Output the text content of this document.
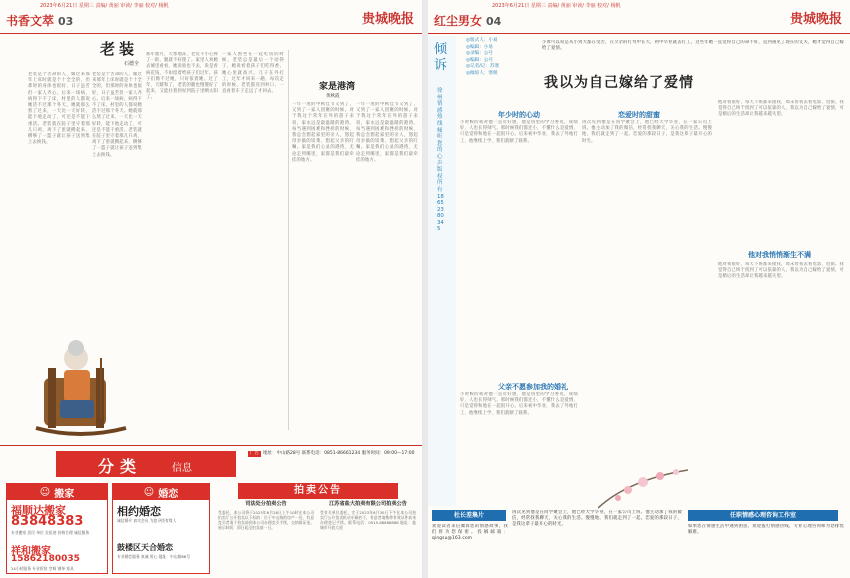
2023年6月21日 星期三 责编/ 黄丽 审读/ 李丽 校对/ 杨帆
书香文萃 03	贵城晚报
老装
石德全
老装是个苦命的人，嫁过来那年上床时就是个十全全的，但那时的身体也很好，日子虽苦但一家人齐心。后来一场病，病得下不了床，村里的人都说她活不过那个冬天。她就那么熬了过来，一天比一天好转，能下地走动了，可还是不能干重活。老装就在院子里守着那几只鸡，鸡下了蛋就攒起来，攒够了一篮子就让孩子送到集上去换钱。
老装是个苦命的人，嫁过来那年上床时就是个十全全的，但那时的身体也很好，日子虽苦但一家人齐心。后来一场病，病得下不了床，村里的人都说她活不过那个冬天。她就那么熬了过来，一天比一天好转，能下地走动了，可还是不能干重活。老装就在院子里守着那几只鸡，鸡下了蛋就攒起来，攒够了一篮子就让孩子送到集上去换钱。
那年腊月，天寒地冻，老装不小心摔了一跤，腿就不好使了。家里人劝她去城里看看，她说啥也不去，说是看病花钱，不如留着给孩子们过年。孩子们拗不过她，只好依着她。过了年，天暖和了，老装的腿也慢慢好了起来，又能拄着拐杖到院子里晒太阳了。
一家人围坐在一起吃饭的时候，老装总是最后一个动筷子，她说看着孩子们吃得香，她心里就高兴。儿子在外打工，过年才回来一趟，每次走的时候，老装都送到村口，一直看着车子走远了才回去。	家是港湾
黄秋霞
一年一度的中秋佳节又到了，又到了一家人团聚的时候。对于我这个常年在外的游子来说，家永远是最温暖的港湾。每当遇到困难和挫折的时候，我总会想起家里的亲人，想起母亲做的饭菜，想起父亲的叮嘱。家是我们心灵的港湾，无论走到哪里，家都是我们最牵挂的地方。
一年一度的中秋佳节又到了，又到了一家人团聚的时候。对于我这个常年在外的游子来说，家永远是最温暖的港湾。每当遇到困难和挫折的时候，我总会想起家里的亲人，想起母亲做的饭菜，想起父亲的叮嘱。家是我们心灵的港湾，无论走到哪里，家都是我们最牵挂的地方。
分类	信息
广告 地址：中山路28号 联系电话：0851-86661234 服务时间：09:00—17:00
☺ 搬家
福顺达搬家
83848383
专业搬家 居民 单位 长短途 价格合理 诚信服务
祥和搬家
15862180035
24小时服务 专业拆装 空调 钢琴 家具
☺ 婚恋
相约婚恋
诚信婚介 真实会员 为您寻找有缘人
鼓楼区天合婚恋
专业婚恋服务 真诚 用心 地址：中山路88号
拍卖公告
司法处分拍卖公告
受委托，本公司将于2023年6月28日上午10时在本公司拍卖厅公开拍卖以下标的：位于中山路的房产一处，有意竞买者请于拍卖前到本公司办理竞买手续，交纳保证金。展示时间：即日起至拍卖前一日。
江苏省盐大拍卖有限公司拍卖公告
受有关单位委托，定于2023年6月30日下午在本公司拍卖厅公开拍卖机动车辆若干，有意者请携带有效证件前来办理登记手续。联系电话：0515-88888888 地址：盐城市开放大道
2023年6月21日 星期三 责编/ 黄丽 审读/ 李丽 校对/ 杨帆
红尘男女 04	贵城晚报
倾诉
徐州情感热线 倾听您的心声 版权所有 18652380345
◎版式人：小易
◎编辑：小易
◎录编：公号
◎编辑：公号
◎记者/记：苏寒
◎倾诉人：寒姐
小黄可以说是从小到大都在受苦，在父亲的打骂中长大，初中毕业就去打工，这些年她一直觉得自己的命不好，直到遇见了现在的丈夫，她才觉得自己嫁给了爱情。
我以为自己嫁给了爱情
年少时的心动	恋爱时的甜蜜
父亲不愿参加我的婚礼
他对我悄悄渐生不满
小时候的我对他一直有好感，他是班里的学习委员，成绩好，人也长得帅气。那时候我们都还小，不懂什么是爱情，只是觉得和他在一起很开心。后来初中毕业，我去了外地打工，他继续上学，我们就断了联系。
小时候的我对他一直有好感，他是班里的学习委员，成绩好，人也长得帅气。那时候我们都还小，不懂什么是爱情，只是觉得和他在一起很开心。后来初中毕业，我去了外地打工，他继续上学，我们就断了联系。
再次见到他是在同学聚会上，他已经大学毕业，在一家公司上班。他主动加了我的微信，经常找我聊天，关心我的生活。慢慢地，我们就走到了一起。恋爱的那段日子，是我这辈子最开心的时光。
他对我很好，每天下班都来接我，周末带我去看电影、逛街。我觉得自己终于找到了可以依靠的人，我以为自己嫁给了爱情，可是婚后的生活却让我越来越失望。
他对我很好，每天下班都来接我，周末带我去看电影、逛街。我觉得自己终于找到了可以依靠的人，我以为自己嫁给了爱情，可是婚后的生活却让我越来越失望。
杜长差集片
欢迎读者来信倾诉您的情感故事，我们将为您保密。投稿邮箱：qingsu@163.com
再次见到他是在同学聚会上，他已经大学毕业，在一家公司上班。他主动加了我的微信，经常找我聊天，关心我的生活。慢慢地，我们就走到了一起。恋爱的那段日子，是我这辈子最开心的时光。
任职情感心理咨询工作室
如果您在情感生活中遇到困惑，欢迎拨打情感热线，专业心理咨询师为您排忧解难。
